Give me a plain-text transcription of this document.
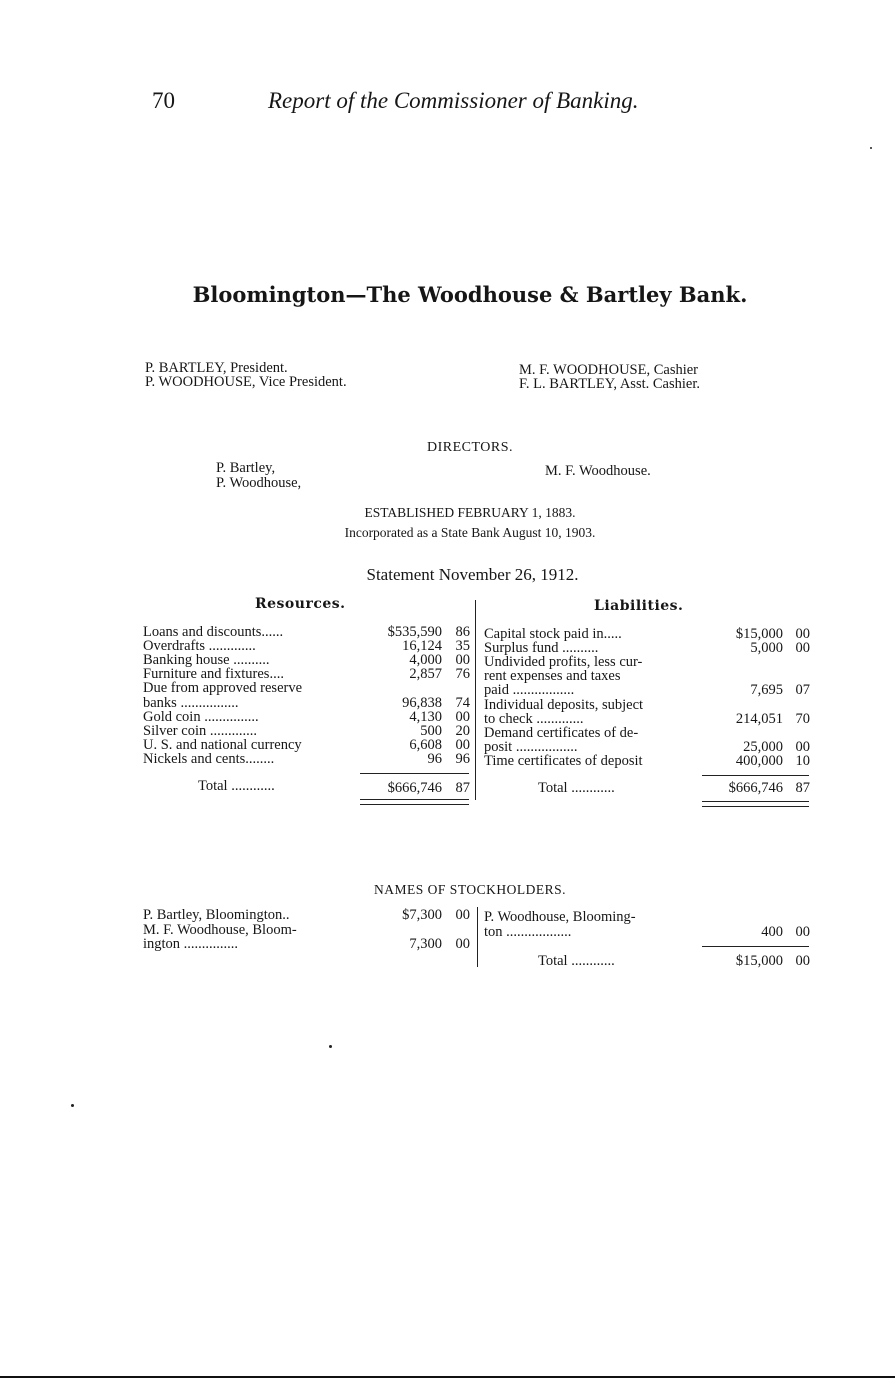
70	Report of the Commissioner of Banking.
Bloomington—The Woodhouse & Bartley Bank.
P. BARTLEY, President.
P. WOODHOUSE, Vice President.
M. F. WOODHOUSE, Cashier
F. L. BARTLEY, Asst. Cashier.
DIRECTORS.
P. Bartley,
P. Woodhouse,
M. F. Woodhouse.
ESTABLISHED FEBRUARY 1, 1883.
Incorporated as a State Bank August 10, 1903.
Statement November 26, 1912.
Resources.	Liabilities.
Loans and discounts......	$535,590 86
Overdrafts .............	16,124 35
Banking house ..........	4,000 00
Furniture and fixtures....	2,857 76
Due from approved reserve
banks ................	96,838 74
Gold coin ...............	4,130 00
Silver coin .............	500 20
U. S. and national currency	6,608 00
Nickels and cents........	96 96
Capital stock paid in.....	$15,000 00
Surplus fund ..........	5,000 00
Undivided profits, less cur-
rent expenses and taxes
paid .................	7,695 07
Individual deposits, subject
to check .............	214,051 70
Demand certificates of de-
posit .................	25,000 00
Time certificates of deposit	400,000 10
Total ............	$666,746 87	Total ............	$666,746 87
NAMES OF STOCKHOLDERS.
P. Bartley, Bloomington..	$7,300 00
M. F. Woodhouse, Bloom-
ington ...............	7,300 00
P. Woodhouse, Blooming-
ton ..................	400 00
Total ............	$15,000 00
